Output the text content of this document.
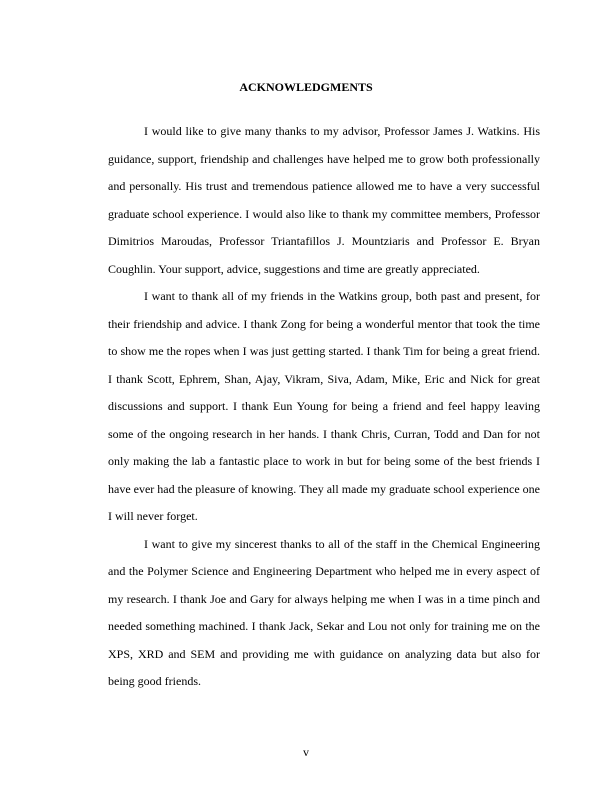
ACKNOWLEDGMENTS

I would like to give many thanks to my advisor, Professor James J. Watkins. His guidance, support, friendship and challenges have helped me to grow both professionally and personally. His trust and tremendous patience allowed me to have a very successful graduate school experience. I would also like to thank my committee members, Professor Dimitrios Maroudas, Professor Triantafillos J. Mountziaris and Professor E. Bryan Coughlin. Your support, advice, suggestions and time are greatly appreciated.

I want to thank all of my friends in the Watkins group, both past and present, for their friendship and advice. I thank Zong for being a wonderful mentor that took the time to show me the ropes when I was just getting started. I thank Tim for being a great friend. I thank Scott, Ephrem, Shan, Ajay, Vikram, Siva, Adam, Mike, Eric and Nick for great discussions and support. I thank Eun Young for being a friend and feel happy leaving some of the ongoing research in her hands. I thank Chris, Curran, Todd and Dan for not only making the lab a fantastic place to work in but for being some of the best friends I have ever had the pleasure of knowing. They all made my graduate school experience one I will never forget.

I want to give my sincerest thanks to all of the staff in the Chemical Engineering and the Polymer Science and Engineering Department who helped me in every aspect of my research. I thank Joe and Gary for always helping me when I was in a time pinch and needed something machined. I thank Jack, Sekar and Lou not only for training me on the XPS, XRD and SEM and providing me with guidance on analyzing data but also for being good friends.

v
